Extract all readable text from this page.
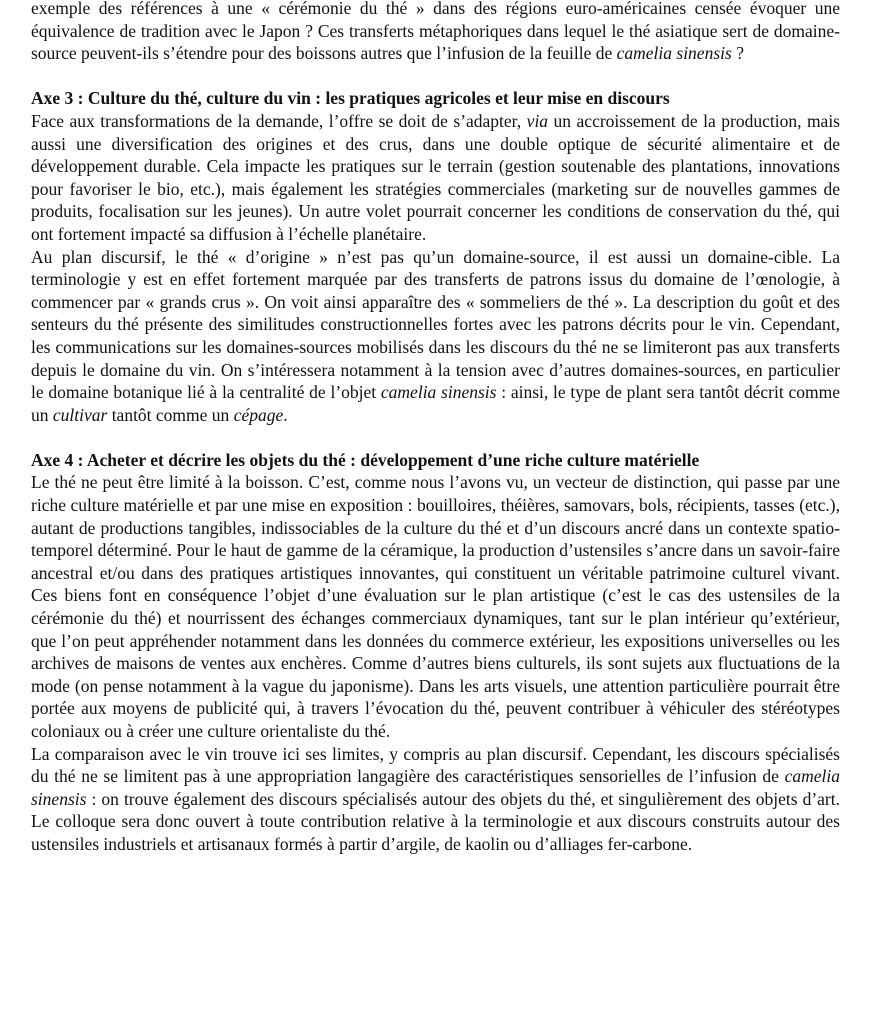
exemple des références à une « cérémonie du thé » dans des régions euro-américaines censée évoquer une équivalence de tradition avec le Japon ? Ces transferts métaphoriques dans lequel le thé asiatique sert de domaine-source peuvent-ils s’étendre pour des boissons autres que l’infusion de la feuille de camelia sinensis ?

Axe 3 : Culture du thé, culture du vin : les pratiques agricoles et leur mise en discours

Face aux transformations de la demande, l’offre se doit de s’adapter, via un accroissement de la production, mais aussi une diversification des origines et des crus, dans une double optique de sécurité alimentaire et de développement durable. Cela impacte les pratiques sur le terrain (gestion soutenable des plantations, innovations pour favoriser le bio, etc.), mais également les stratégies commerciales (marketing sur de nouvelles gammes de produits, focalisation sur les jeunes). Un autre volet pourrait concerner les conditions de conservation du thé, qui ont fortement impacté sa diffusion à l’échelle planétaire.

Au plan discursif, le thé « d’origine » n’est pas qu’un domaine-source, il est aussi un domaine-cible. La terminologie y est en effet fortement marquée par des transferts de patrons issus du domaine de l’œnologie, à commencer par « grands crus ». On voit ainsi apparaître des « sommeliers de thé ». La description du goût et des senteurs du thé présente des similitudes constructionnelles fortes avec les patrons décrits pour le vin. Cependant, les communications sur les domaines-sources mobilisés dans les discours du thé ne se limiteront pas aux transferts depuis le domaine du vin. On s’intéressera notamment à la tension avec d’autres domaines-sources, en particulier le domaine botanique lié à la centralité de l’objet camelia sinensis : ainsi, le type de plant sera tantôt décrit comme un cultivar tantôt comme un cépage.

Axe 4 : Acheter et décrire les objets du thé : développement d’une riche culture matérielle

Le thé ne peut être limité à la boisson. C’est, comme nous l’avons vu, un vecteur de distinction, qui passe par une riche culture matérielle et par une mise en exposition : bouilloires, théières, samovars, bols, récipients, tasses (etc.), autant de productions tangibles, indissociables de la culture du thé et d’un discours ancré dans un contexte spatio-temporel déterminé. Pour le haut de gamme de la céramique, la production d’ustensiles s’ancre dans un savoir-faire ancestral et/ou dans des pratiques artistiques innovantes, qui constituent un véritable patrimoine culturel vivant. Ces biens font en conséquence l’objet d’une évaluation sur le plan artistique (c’est le cas des ustensiles de la cérémonie du thé) et nourrissent des échanges commerciaux dynamiques, tant sur le plan intérieur qu’extérieur, que l’on peut appréhender notamment dans les données du commerce extérieur, les expositions universelles ou les archives de maisons de ventes aux enchères. Comme d’autres biens culturels, ils sont sujets aux fluctuations de la mode (on pense notamment à la vague du japonisme). Dans les arts visuels, une attention particulière pourrait être portée aux moyens de publicité qui, à travers l’évocation du thé, peuvent contribuer à véhiculer des stéréotypes coloniaux ou à créer une culture orientaliste du thé.

La comparaison avec le vin trouve ici ses limites, y compris au plan discursif. Cependant, les discours spécialisés du thé ne se limitent pas à une appropriation langagière des caractéristiques sensorielles de l’infusion de camelia sinensis : on trouve également des discours spécialisés autour des objets du thé, et singulièrement des objets d’art. Le colloque sera donc ouvert à toute contribution relative à la terminologie et aux discours construits autour des ustensiles industriels et artisanaux formés à partir d’argile, de kaolin ou d’alliages fer-carbone.
